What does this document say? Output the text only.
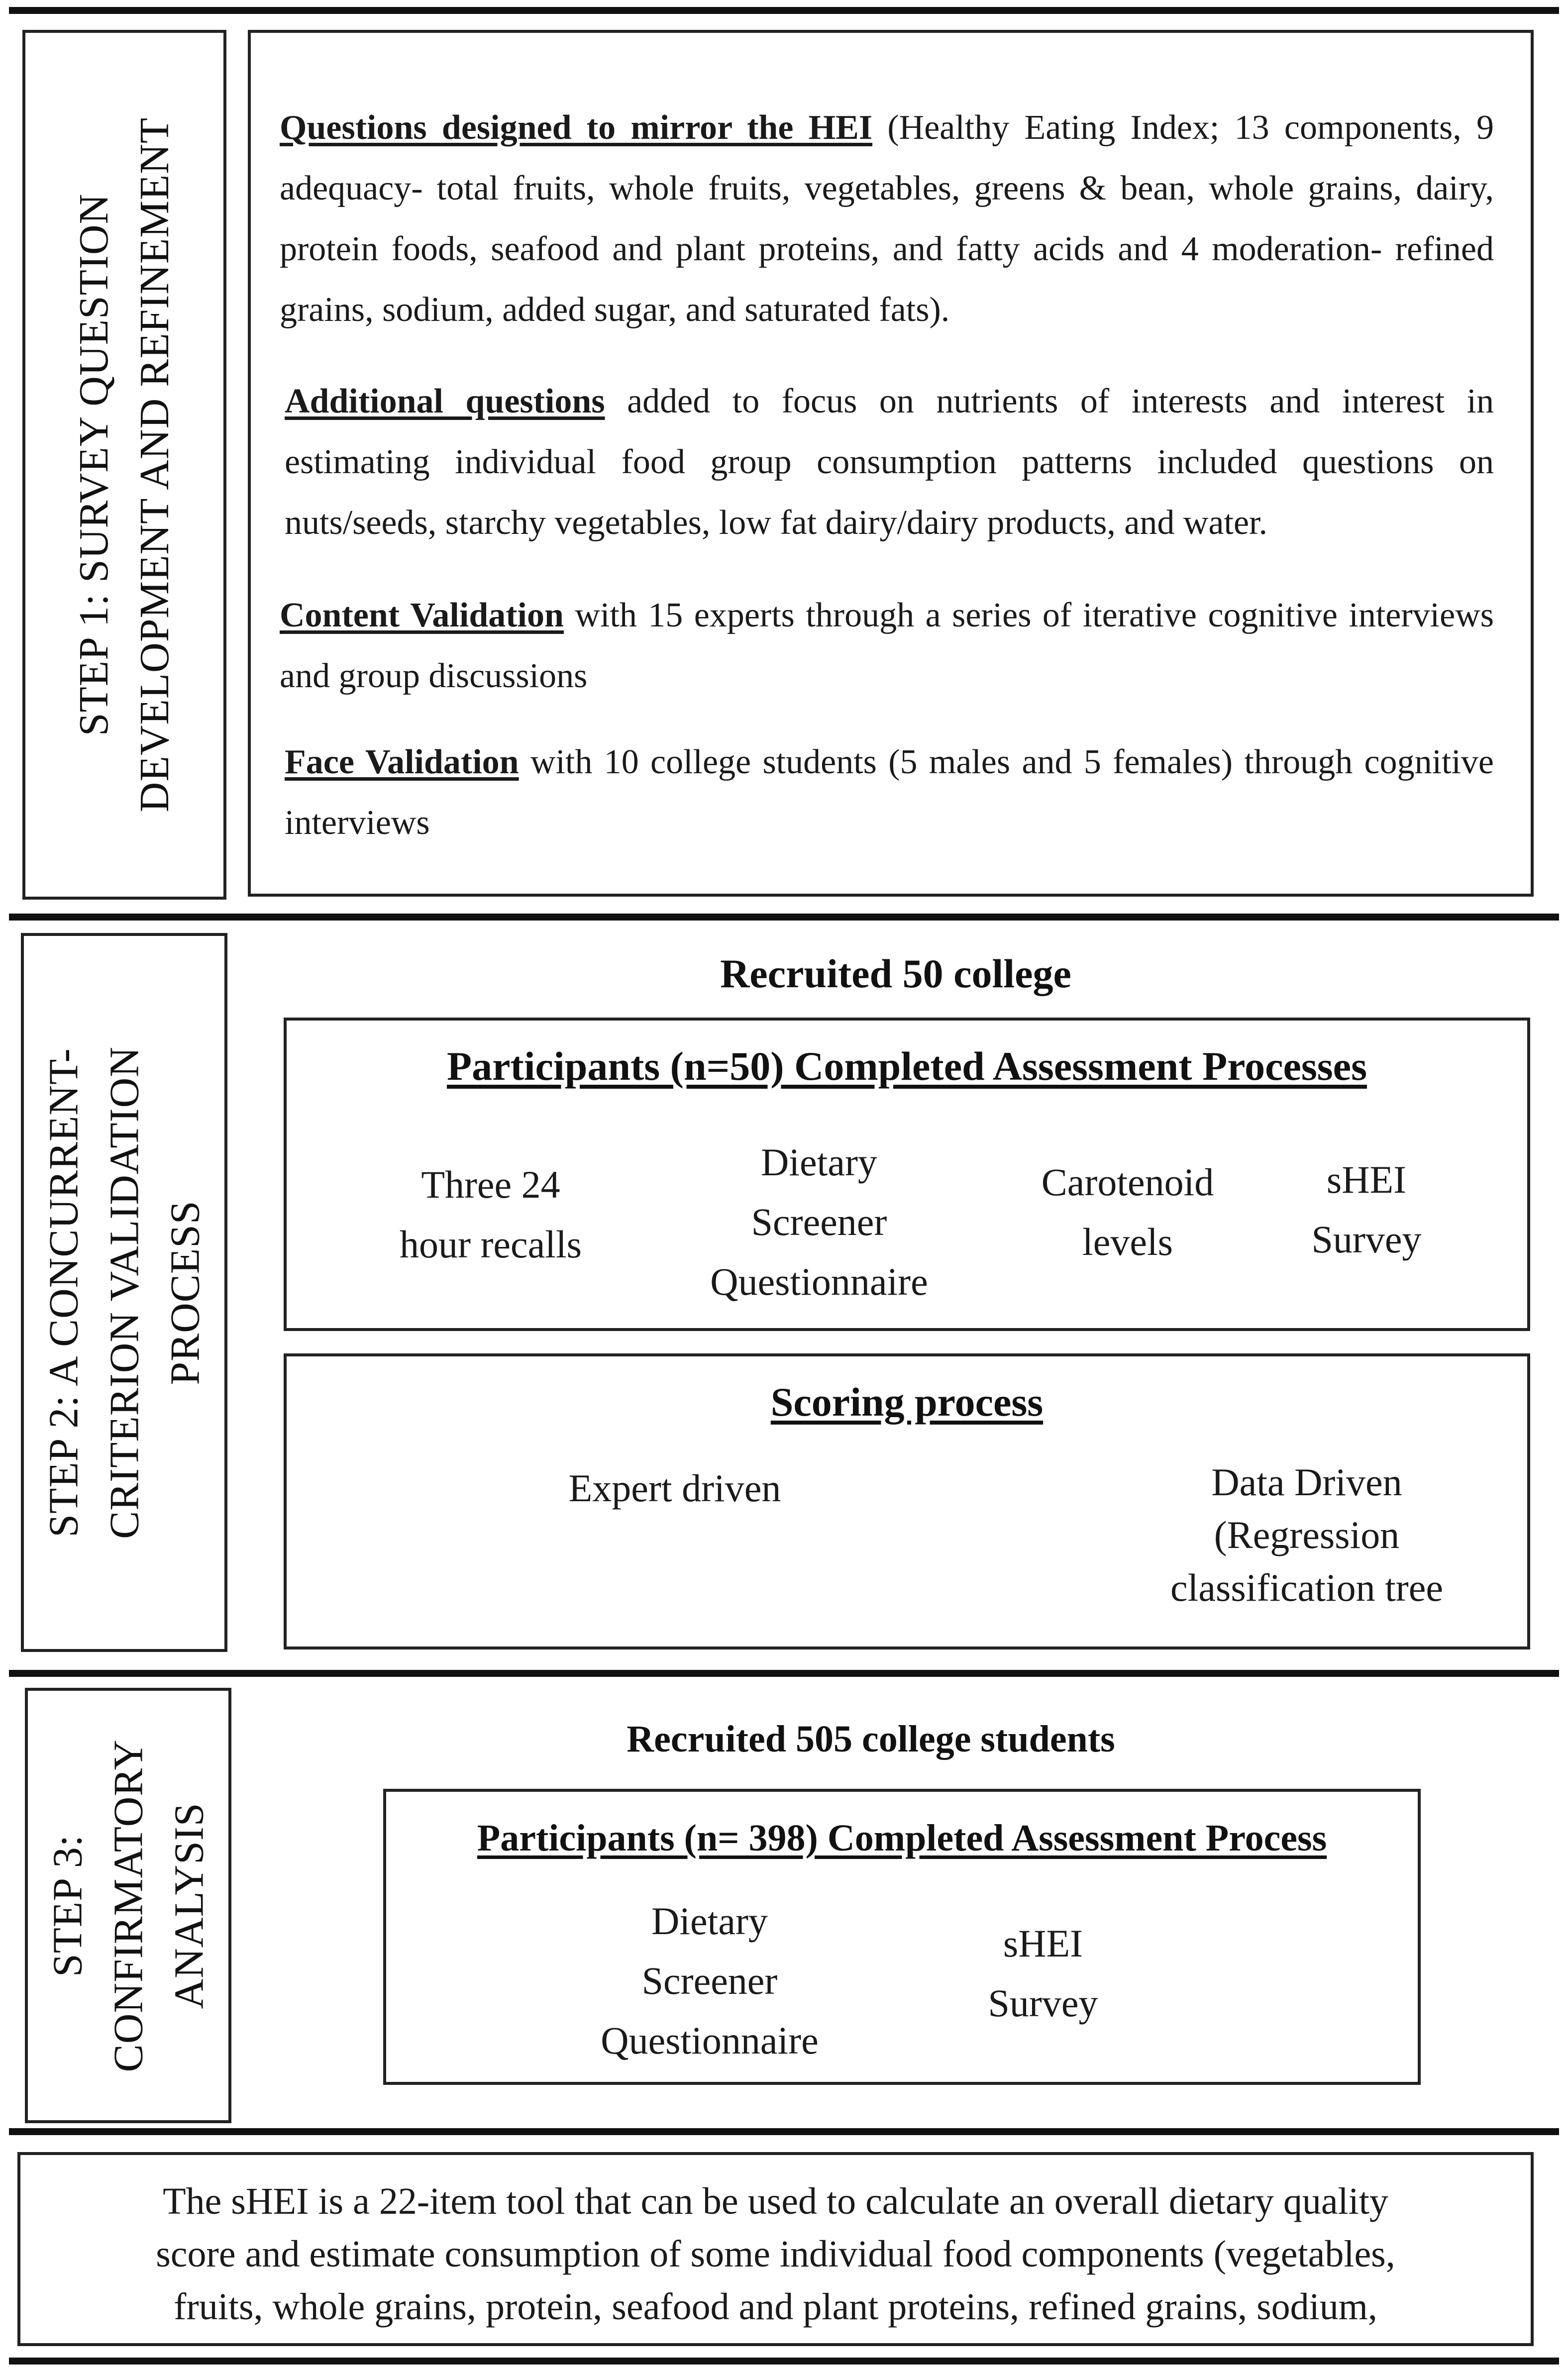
STEP 1: SURVEY QUESTION DEVELOPMENT AND REFINEMENT	Questions designed to mirror the HEI (Healthy Eating Index; 13 components, 9 adequacy- total fruits, whole fruits, vegetables, greens & bean, whole grains, dairy, protein foods, seafood and plant proteins, and fatty acids and 4 moderation- refined grains, sodium, added sugar, and saturated fats).
Additional questions added to focus on nutrients of interests and interest in estimating individual food group consumption patterns included questions on nuts/seeds, starchy vegetables, low fat dairy/dairy products, and water.
Content Validation with 15 experts through a series of iterative cognitive interviews and group discussions
Face Validation with 10 college students (5 males and 5 females) through cognitive interviews
STEP 2: A CONCURRENT- CRITERION VALIDATION PROCESS
Recruited 50 college
Participants (n=50) Completed Assessment Processes
Three 24
hour recalls
Dietary
Screener
Questionnaire
Carotenoid
levels
sHEI
Survey
Scoring process
Expert driven	Data Driven
(Regression
classification tree
STEP 3: CONFIRMATORY ANALYSIS
Recruited 505 college students
Participants (n= 398) Completed Assessment Process
Dietary
Screener
Questionnaire
sHEI
Survey
The sHEI is a 22-item tool that can be used to calculate an overall dietary quality
score and estimate consumption of some individual food components (vegetables,
fruits, whole grains, protein, seafood and plant proteins, refined grains, sodium,
